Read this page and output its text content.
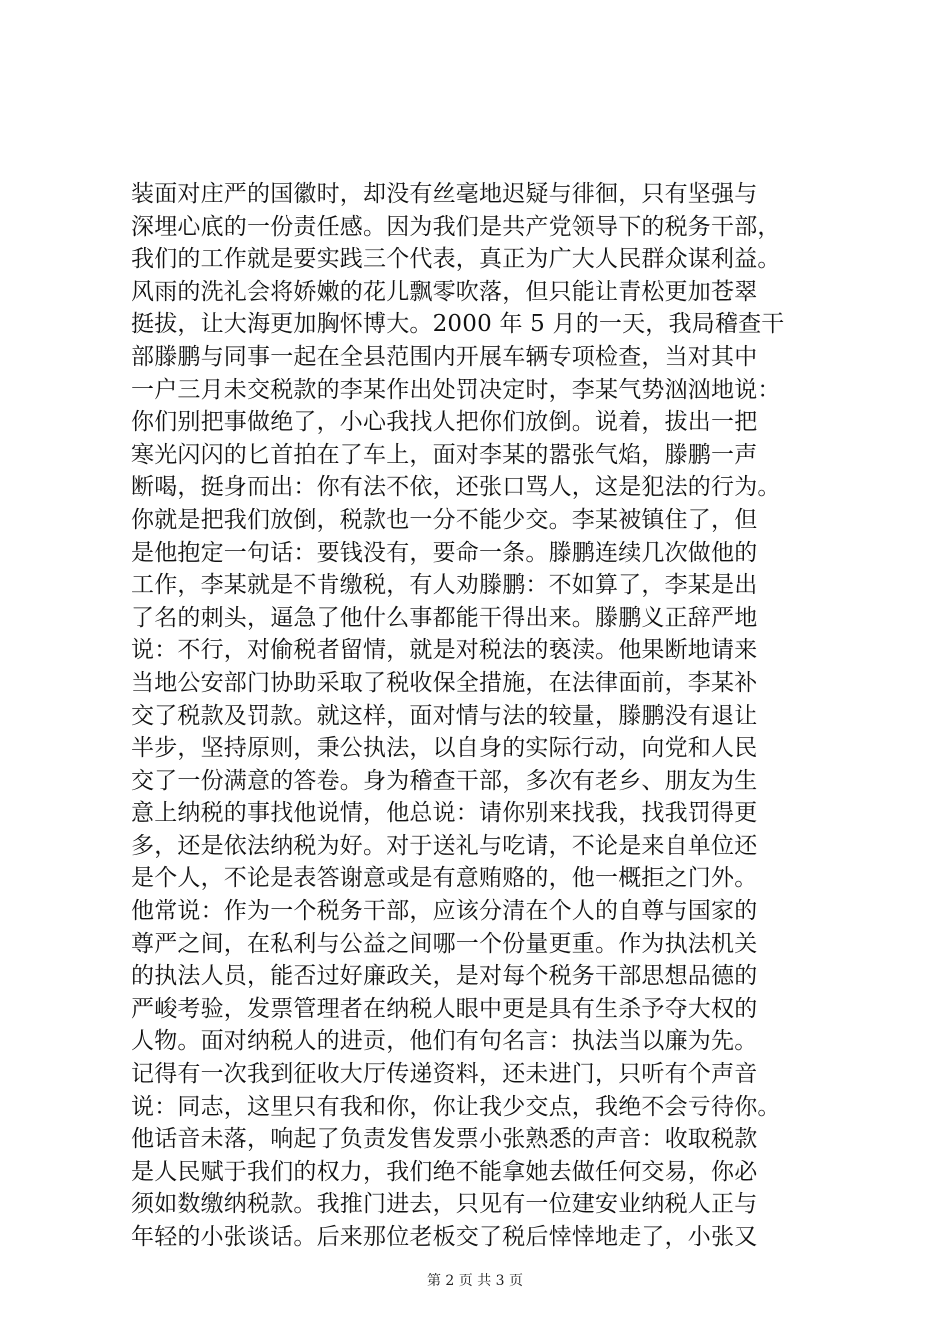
装面对庄严的国徽时，却没有丝毫地迟疑与徘徊，只有坚强与
深埋心底的一份责任感。因为我们是共产党领导下的税务干部，
我们的工作就是要实践三个代表，真正为广大人民群众谋利益。
风雨的洗礼会将娇嫩的花儿飘零吹落，但只能让青松更加苍翠
挺拔，让大海更加胸怀博大。2000 年 5 月的一天，我局稽查干
部滕鹏与同事一起在全县范围内开展车辆专项检查，当对其中
一户三月未交税款的李某作出处罚决定时，李某气势汹汹地说：
你们别把事做绝了，小心我找人把你们放倒。说着，拔出一把
寒光闪闪的匕首拍在了车上，面对李某的嚣张气焰，滕鹏一声
断喝，挺身而出：你有法不依，还张口骂人，这是犯法的行为。
你就是把我们放倒，税款也一分不能少交。李某被镇住了，但
是他抱定一句话：要钱没有，要命一条。滕鹏连续几次做他的
工作，李某就是不肯缴税，有人劝滕鹏：不如算了，李某是出
了名的刺头，逼急了他什么事都能干得出来。滕鹏义正辞严地
说：不行，对偷税者留情，就是对税法的亵渎。他果断地请来
当地公安部门协助采取了税收保全措施，在法律面前，李某补
交了税款及罚款。就这样，面对情与法的较量，滕鹏没有退让
半步，坚持原则，秉公执法，以自身的实际行动，向党和人民
交了一份满意的答卷。身为稽查干部，多次有老乡、朋友为生
意上纳税的事找他说情，他总说：请你别来找我，找我罚得更
多，还是依法纳税为好。对于送礼与吃请，不论是来自单位还
是个人，不论是表答谢意或是有意贿赂的，他一概拒之门外。
他常说：作为一个税务干部，应该分清在个人的自尊与国家的
尊严之间，在私利与公益之间哪一个份量更重。作为执法机关
的执法人员，能否过好廉政关，是对每个税务干部思想品德的
严峻考验，发票管理者在纳税人眼中更是具有生杀予夺大权的
人物。面对纳税人的进贡，他们有句名言：执法当以廉为先。
记得有一次我到征收大厅传递资料，还未进门，只听有个声音
说：同志，这里只有我和你，你让我少交点，我绝不会亏待你。
他话音未落，响起了负责发售发票小张熟悉的声音：收取税款
是人民赋于我们的权力，我们绝不能拿她去做任何交易，你必
须如数缴纳税款。我推门进去，只见有一位建安业纳税人正与
年轻的小张谈话。后来那位老板交了税后悻悻地走了，小张又
第 2 页 共 3 页
